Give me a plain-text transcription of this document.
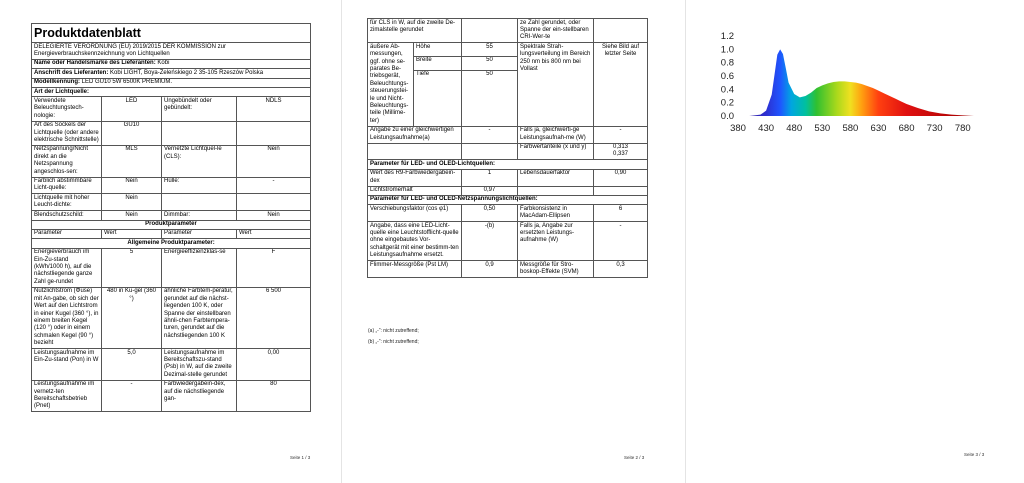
Produktdatenblatt			
DELEGIERTE VERORDNUNG (EU) 2019/2015 DER KOMMISSION zur Energieverbrauchskennzeichnung von Lichtquellen			
Name oder Handelsmarke des Lieferanten: Kobi			
Anschrift des Lieferanten: Kobi LIGHT, Boya-Żeleńskiego 2 35-105 Rzeszów Polska			
Modellkennung: LED GU10 5W 6500K PREMIUM.			
Art der Lichtquelle:			
Verwendete Beleuchtungstech-nologie:	LED	Ungebündelt oder gebündelt:	NDLS
Art des Sockels der Lichtquelle (oder andere elektrische Schnittstelle)	GU10		
Netzspannung/Nicht direkt an die Netzspannung angeschlos-sen:	MLS	Vernetzte Lichtquel-le (CLS):	Nein
Farblich abstimmbare Licht-quelle:	Nein	Hülle:	-
Lichtquelle mit hoher Leucht-dichte:	Nein		
Blendschutzschild:	Nein	Dimmbar:	Nein
Produktparameter			
Parameter	Wert	Parameter	Wert
Allgemeine Produktparameter:			
Energieverbrauch im Ein-Zu-stand (kWh/1000 h), auf die nächstliegende ganze Zahl ge-rundet	5	Energieeffizienzklas-se	F
Nutzlichtstrom (Φuse) mit An-gabe, ob sich der Wert auf den Lichtstrom in einer Kugel (360 °), in einem breiten Kegel (120 °) oder in einem schmalen Kegel (90 °) bezieht	480 in Ku-gel (360 °)	ähnliche Farbtem-peratur, gerundet auf die nächst-liegenden 100 K, oder Spanne der einstellbaren ähnli-chen Farbtempera-turen, gerundet auf die nächstliegenden 100 K	6 500
Leistungsaufnahme im Ein-Zu-stand (Pon) in W	5,0	Leistungsaufnahme im Bereitschaftszu-stand (Psb) in W, auf die zweite Dezimal-stelle gerundet	0,00
Leistungsaufnahme im vernetz-ten Bereitschaftsbetrieb (Pnet)	-	Farbwiedergabein-dex, auf die nächstliegende gan-	80
Seite 1 / 3
für CLS in W, auf die zweite De-zimalstelle gerundet			ze Zahl gerundet, oder Spanne der ein-stellbaren CRI-Wer-te	
äußere Ab-messungen, ggf. ohne se-parates Be-triebsgerät, Beleuchtungs-steuerungstei-le und Nicht-Beleuchtungs-teile (Millime-ter)	Höhe	55	Spektrale Strah-lungsverteilung im Bereich 250 nm bis 800 nm bei Vollast	Siehe Bild auf letzter Seite
	Breite	50		
	Tiefe	50		
Angabe zu einer gleichwertigen Leistungsaufnahme(a)		-	Falls ja, gleichwerti-ge Leistungsaufnah-me (W)	-
			Farbwertanteile (x und y)	0,313
0,337
Parameter für LED- und OLED-Lichtquellen:				
Wert des R9-Farbwiedergabein-dex		1	Lebensdauerfaktor	0,90
Lichtstromerhalt		0,97		
Parameter für LED- und OLED-Netzspannungslichtquellen:				
Verschiebungsfaktor (cos φ1)		0,50	Farbkonsistenz in MacAdam-Ellipsen	6
Angabe, dass eine LED-Licht-quelle eine Leuchtstofflicht-quelle ohne eingebautes Vor-schaltgerät mit einer bestimm-ten Leistungsaufnahme ersetzt.		-(b)	Falls ja, Angabe zur ersetzten Leistungs-aufnahme (W)	-
Flimmer-Messgröße (Pst LM)		0,9	Messgröße für Stro-boskop-Effekte (SVM)	0,3
Seite 2 / 3
(a) „-“: nicht zutreffend;
(b) „-“: nicht zutreffend;
Seite 3 / 3
0.0
0.2
0.4
0.6
0.8
1.0
1.2
380 430 480 530 580 630 680 730 780
